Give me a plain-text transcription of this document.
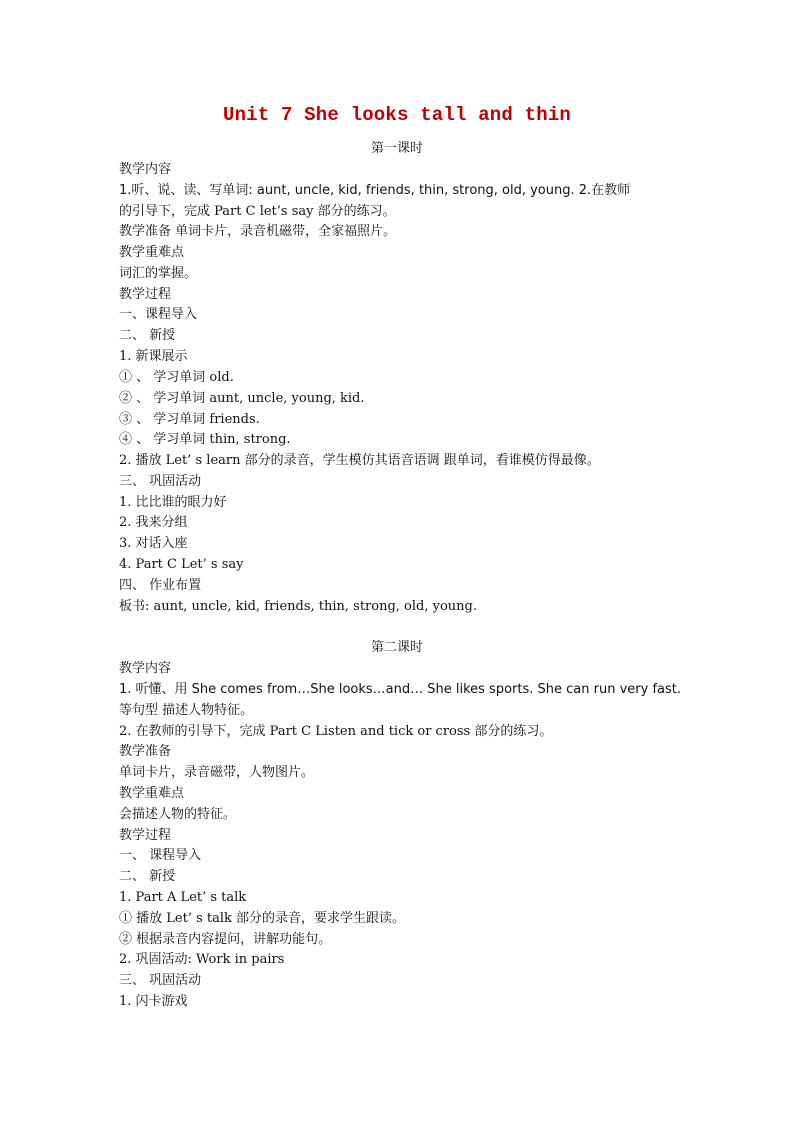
Unit 7 She looks tall and thin
第一课时
教学内容
1.听、说、读、写单词: aunt, uncle, kid, friends, thin, strong, old, young. 2.在教师
的引导下，完成 Part C let’s say 部分的练习。
教学准备 单词卡片，录音机磁带，全家福照片。
教学重难点
词汇的掌握。
教学过程
一、课程导入
二、 新授
1. 新课展示
① 、 学习单词 old.
② 、 学习单词 aunt, uncle, young, kid.
③ 、 学习单词 friends.
④ 、 学习单词 thin, strong.
2. 播放 Let’ s learn 部分的录音，学生模仿其语音语调 跟单词，看谁模仿得最像。
三、 巩固活动
1. 比比谁的眼力好
2. 我来分组
3. 对话入座
4. Part C Let’ s say
四、 作业布置
板书: aunt, uncle, kid, friends, thin, strong, old, young.
第二课时
教学内容
1. 听懂、用 She comes from…She looks…and… She likes sports. She can run very fast.
等句型 描述人物特征。
2. 在教师的引导下，完成 Part C Listen and tick or cross 部分的练习。
教学准备
单词卡片，录音磁带，人物图片。
教学重难点
会描述人物的特征。
教学过程
一、 课程导入
二、 新授
1. Part A Let’ s talk
① 播放 Let’ s talk 部分的录音，要求学生跟读。
② 根据录音内容提问，讲解功能句。
2. 巩固活动: Work in pairs
三、 巩固活动
1. 闪卡游戏
